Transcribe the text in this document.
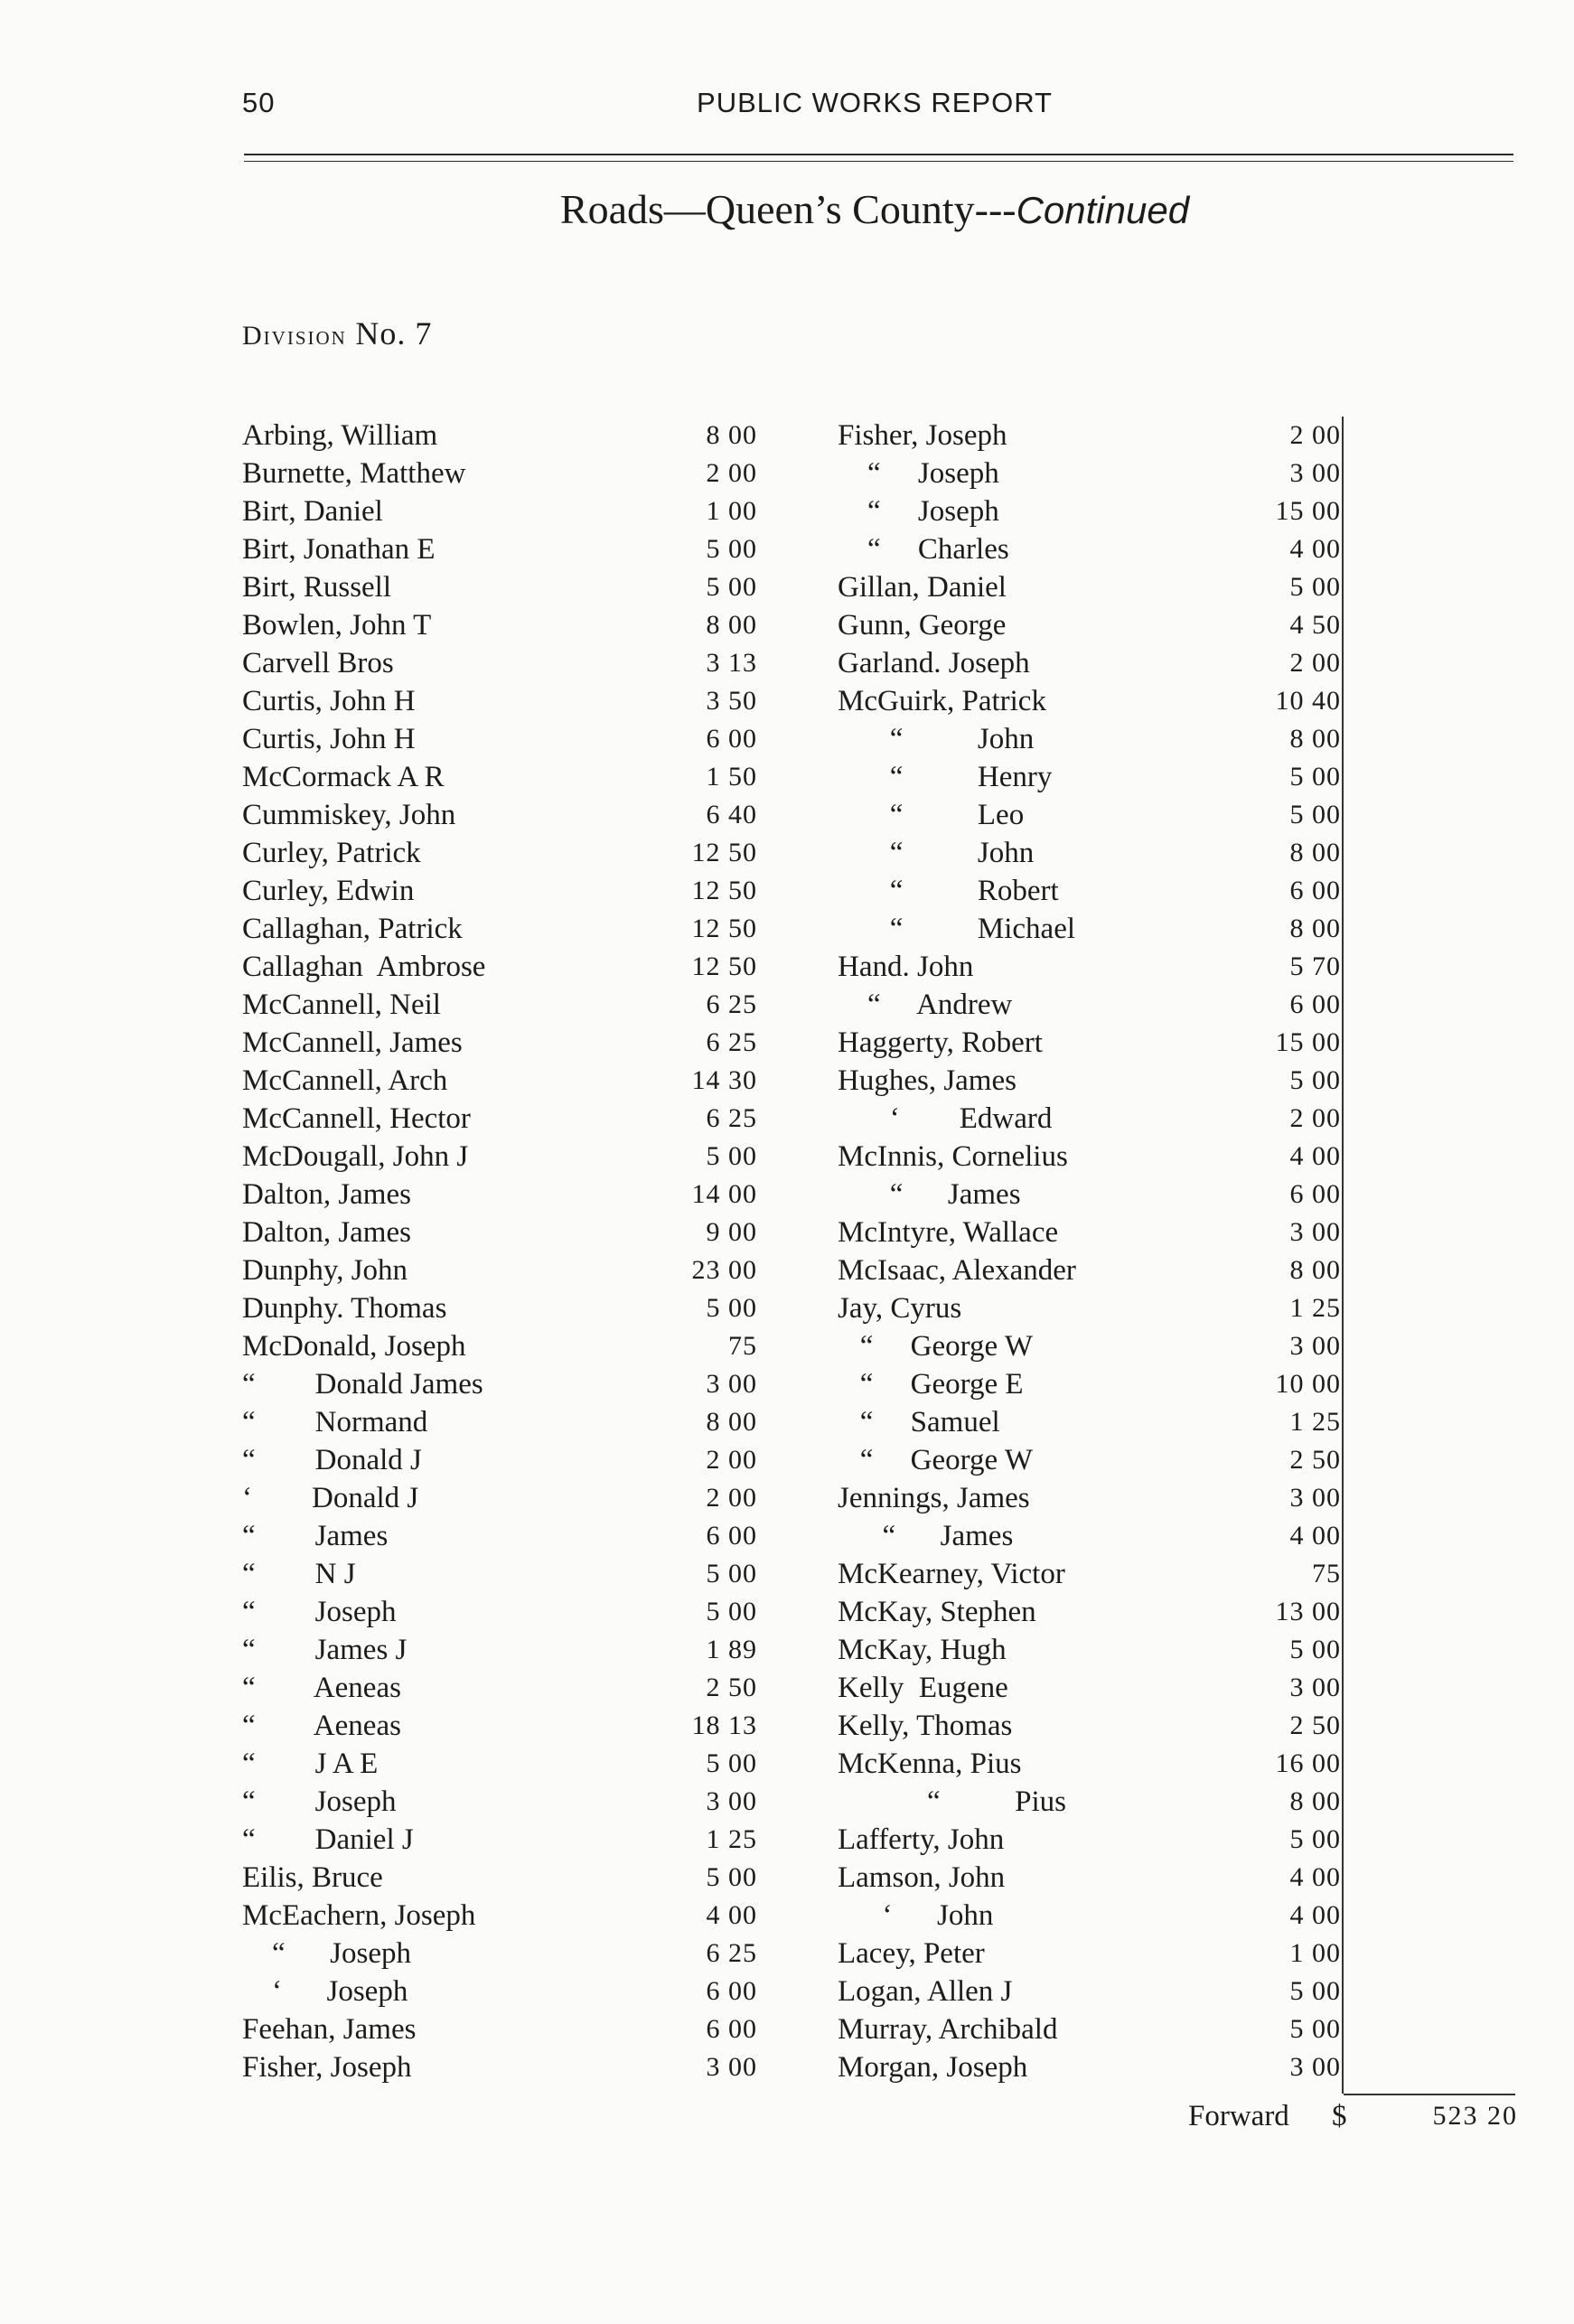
50	PUBLIC WORKS REPORT
Roads—Queen’s County---Continued
Division No. 7
Arbing, William	8 00
Burnette, Matthew	2 00
Birt, Daniel	1 00
Birt, Jonathan E	5 00
Birt, Russell	5 00
Bowlen, John T	8 00
Carvell Bros	3 13
Curtis, John H	3 50
Curtis, John H	6 00
McCormack A R	1 50
Cummiskey, John	6 40
Curley, Patrick	12 50
Curley, Edwin	12 50
Callaghan, Patrick	12 50
Callaghan  Ambrose	12 50
McCannell, Neil	6 25
McCannell, James	6 25
McCannell, Arch	14 30
McCannell, Hector	6 25
McDougall, John J	5 00
Dalton, James	14 00
Dalton, James	9 00
Dunphy, John	23 00
Dunphy. Thomas	5 00
McDonald, Joseph	75
“        Donald James	3 00
“        Normand	8 00
“        Donald J	2 00
‘        Donald J	2 00
“        James	6 00
“        N J	5 00
“        Joseph	5 00
“        James J	1 89
“        Aeneas	2 50
“        Aeneas	18 13
“        J A E	5 00
“        Joseph	3 00
“        Daniel J	1 25
Eilis, Bruce	5 00
McEachern, Joseph	4 00
“      Joseph	6 25
‘      Joseph	6 00
Feehan, James	6 00
Fisher, Joseph	3 00
Fisher, Joseph	2 00
“     Joseph	3 00
“     Joseph	15 00
“     Charles	4 00
Gillan, Daniel	5 00
Gunn, George	4 50
Garland. Joseph	2 00
McGuirk, Patrick	10 40
“          John	8 00
“          Henry	5 00
“          Leo	5 00
“          John	8 00
“          Robert	6 00
“          Michael	8 00
Hand. John	5 70
“     Andrew	6 00
Haggerty, Robert	15 00
Hughes, James	5 00
‘        Edward	2 00
McInnis, Cornelius	4 00
“      James	6 00
McIntyre, Wallace	3 00
McIsaac, Alexander	8 00
Jay, Cyrus	1 25
“     George W	3 00
“     George E	10 00
“     Samuel	1 25
“     George W	2 50
Jennings, James	3 00
“      James	4 00
McKearney, Victor	75
McKay, Stephen	13 00
McKay, Hugh	5 00
Kelly  Eugene	3 00
Kelly, Thomas	2 50
McKenna, Pius	16 00
“          Pius	8 00
Lafferty, John	5 00
Lamson, John	4 00
‘      John	4 00
Lacey, Peter	1 00
Logan, Allen J	5 00
Murray, Archibald	5 00
Morgan, Joseph	3 00
Forward $	523 20
